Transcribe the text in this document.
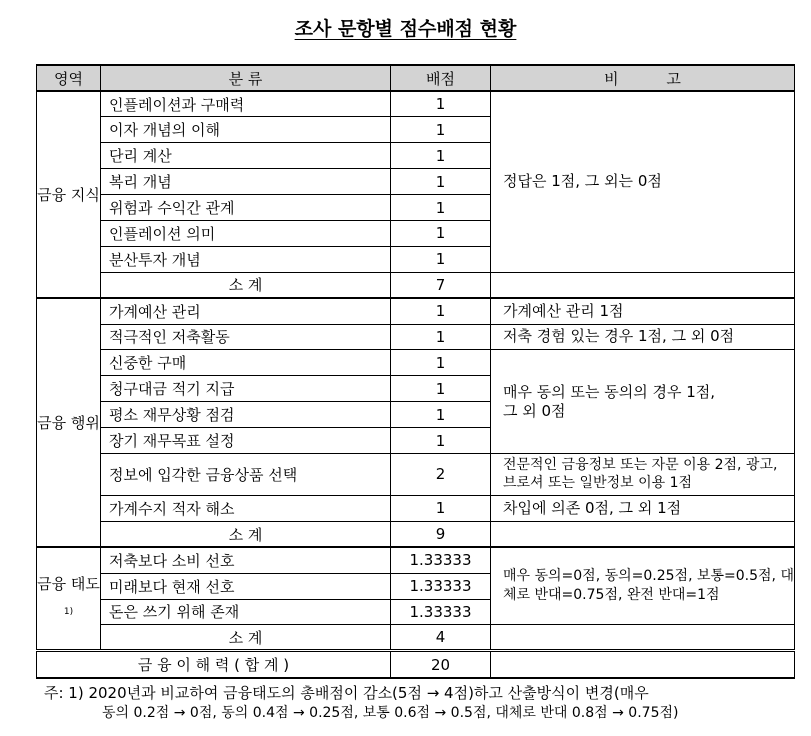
조사 문항별 점수배점 현황
영역	분 류	배점	비          고
금융 지식	인플레이션과 구매력	1	정답은 1점, 그 외는 0점
	이자 개념의 이해	1	
	단리 계산	1	
	복리 개념	1	
	위험과 수익간 관계	1	
	인플레이션 의미	1	
	분산투자 개념	1	
	소 계	7	
금융 행위	가계예산 관리	1	가계예산 관리 1점
	적극적인 저축활동	1	저축 경험 있는 경우 1점, 그 외 0점
	신중한 구매	1	매우 동의 또는 동의의 경우 1점, 그 외 0점
	청구대금 적기 지급	1	
	평소 재무상황 점검	1	
	장기 재무목표 설정	1	
	정보에 입각한 금융상품 선택	2	전문적인 금융정보 또는 자문 이용 2점, 광고, 브로셔 또는 일반정보 이용 1점
	가계수지 적자 해소	1	차입에 의존 0점, 그 외 1점
	소 계	9	
금융 태도$^{1)}$	저축보다 소비 선호	1.33333	매우 동의=0점, 동의=0.25점, 보통=0.5점, 대체로 반대=0.75점, 완전 반대=1점
	미래보다 현재 선호	1.33333	
	돈은 쓰기 위해 존재	1.33333	
	소 계	4	
금 융 이 해 력 ( 합 계 )		20	
주: 1) 2020년과 비교하여 금융태도의 총배점이 감소(5점 → 4점)하고 산출방식이 변경(매우
동의 0.2점 → 0점, 동의 0.4점 → 0.25점, 보통 0.6점 → 0.5점, 대체로 반대 0.8점 → 0.75점)
